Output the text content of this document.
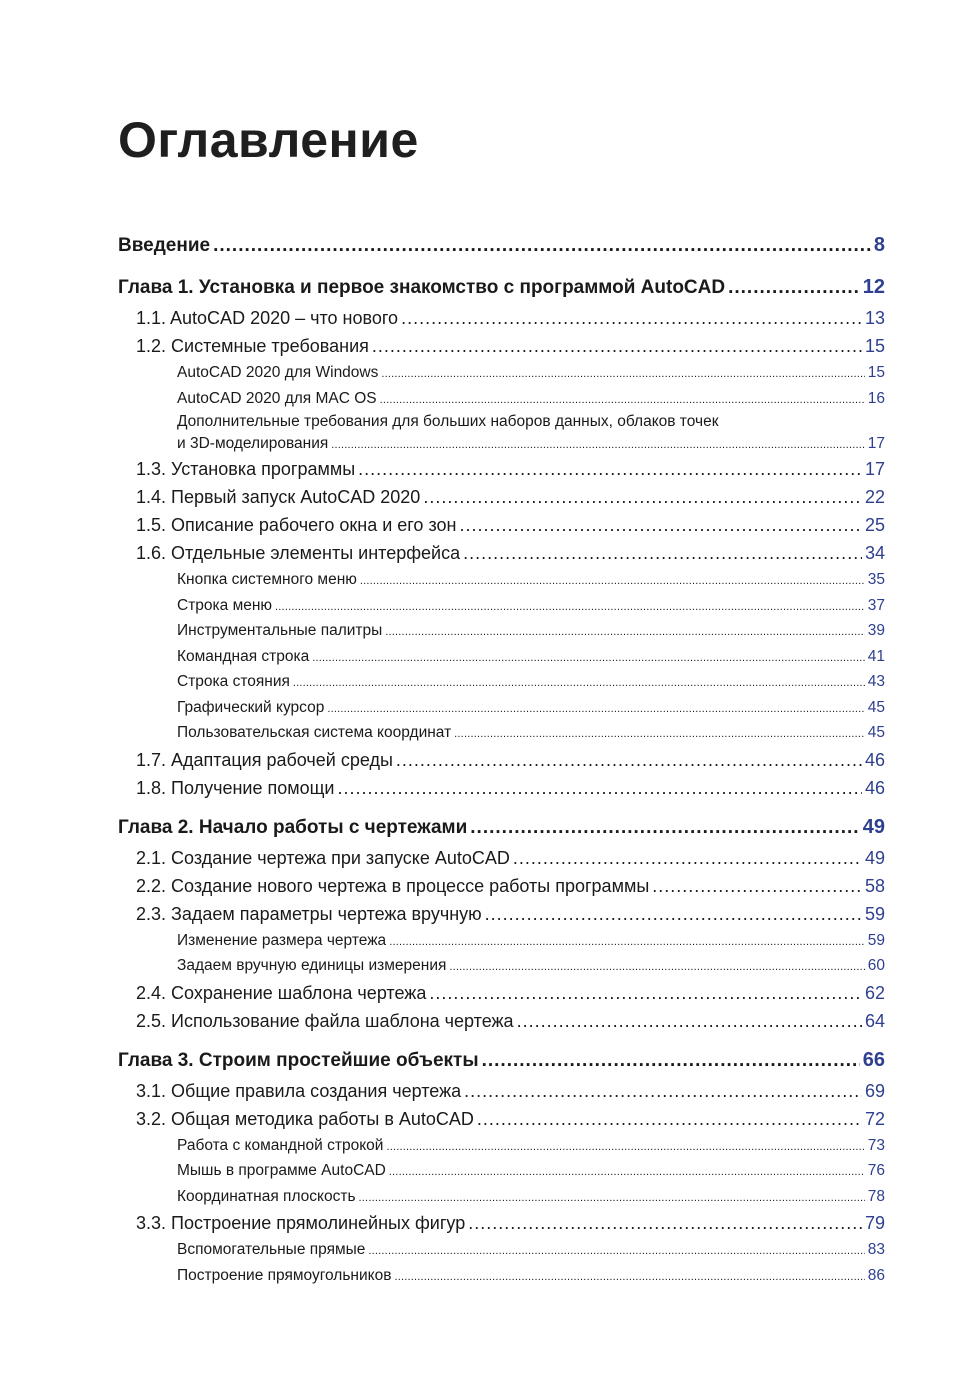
Оглавление
Введение .....	8
Глава 1. Установка и первое знакомство с программой AutoCAD .....	12
1.1. AutoCAD 2020 – что нового .....	13
1.2. Системные требования .....	15
AutoCAD 2020 для Windows .....	15
AutoCAD 2020 для MAC OS .....	16
Дополнительные требования для больших наборов данных, облаков точек
и 3D-моделирования .....	17
1.3. Установка программы .....	17
1.4. Первый запуск AutoCAD 2020 .....	22
1.5. Описание рабочего окна и его зон .....	25
1.6. Отдельные элементы интерфейса .....	34
Кнопка системного меню .....	35
Строка меню .....	37
Инструментальные палитры .....	39
Командная строка .....	41
Строка стояния .....	43
Графический курсор .....	45
Пользовательская система координат .....	45
1.7. Адаптация рабочей среды .....	46
1.8. Получение помощи .....	46
Глава 2. Начало работы с чертежами .....	49
2.1. Создание чертежа при запуске AutoCAD .....	49
2.2. Создание нового чертежа в процессе работы программы .....	58
2.3. Задаем параметры чертежа вручную .....	59
Изменение размера чертежа .....	59
Задаем вручную единицы измерения .....	60
2.4. Сохранение шаблона чертежа .....	62
2.5. Использование файла шаблона чертежа .....	64
Глава 3. Строим простейшие объекты .....	66
3.1. Общие правила создания чертежа .....	69
3.2. Общая методика работы в AutoCAD .....	72
Работа с командной строкой .....	73
Мышь в программе AutoCAD .....	76
Координатная плоскость .....	78
3.3. Построение прямолинейных фигур .....	79
Вспомогательные прямые .....	83
Построение прямоугольников .....	86
